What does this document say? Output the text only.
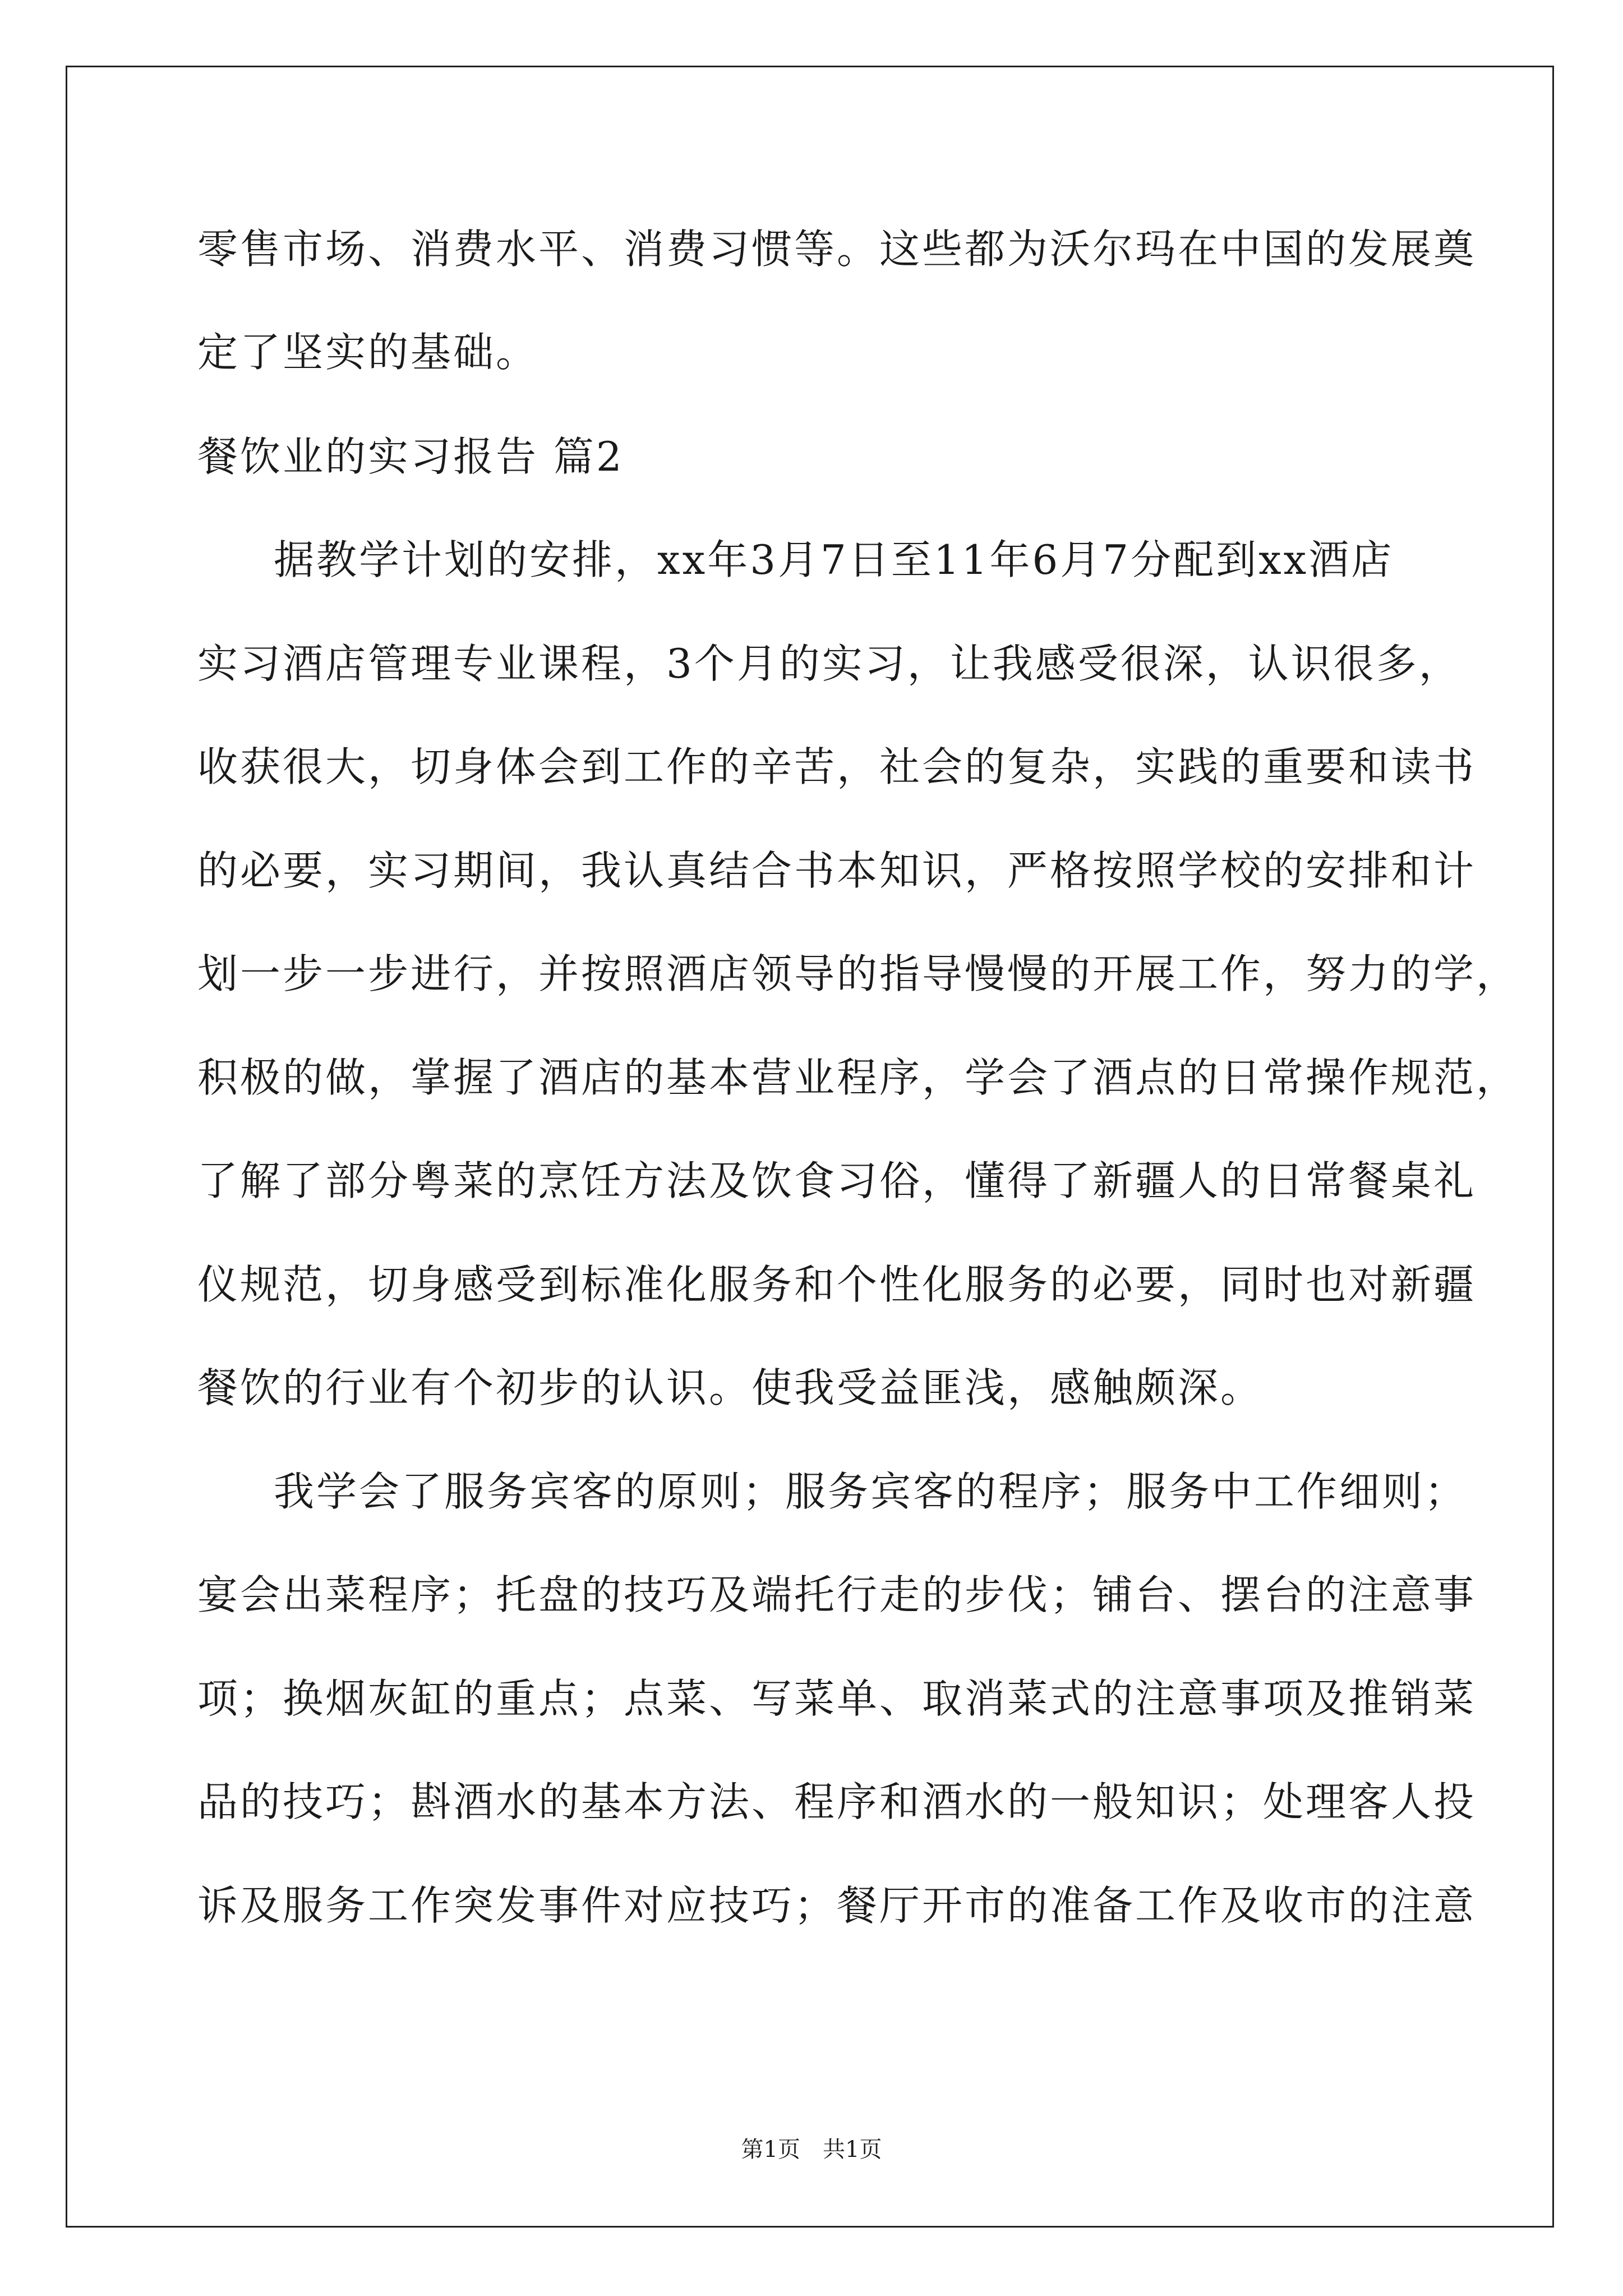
零售市场、消费水平、消费习惯等。这些都为沃尔玛在中国的发展奠
定了坚实的基础。
餐饮业的实习报告 篇2
据教学计划的安排，xx年3月7日至11年6月7分配到xx酒店
实习酒店管理专业课程，3个月的实习，让我感受很深，认识很多，
收获很大，切身体会到工作的辛苦，社会的复杂，实践的重要和读书
的必要，实习期间，我认真结合书本知识，严格按照学校的安排和计
划一步一步进行，并按照酒店领导的指导慢慢的开展工作，努力的学，
积极的做，掌握了酒店的基本营业程序，学会了酒点的日常操作规范，
了解了部分粤菜的烹饪方法及饮食习俗，懂得了新疆人的日常餐桌礼
仪规范，切身感受到标准化服务和个性化服务的必要，同时也对新疆
餐饮的行业有个初步的认识。使我受益匪浅，感触颇深。
我学会了服务宾客的原则；服务宾客的程序；服务中工作细则；
宴会出菜程序；托盘的技巧及端托行走的步伐；铺台、摆台的注意事
项；换烟灰缸的重点；点菜、写菜单、取消菜式的注意事项及推销菜
品的技巧；斟酒水的基本方法、程序和酒水的一般知识；处理客人投
诉及服务工作突发事件对应技巧；餐厅开市的准备工作及收市的注意
第1页　共1页
